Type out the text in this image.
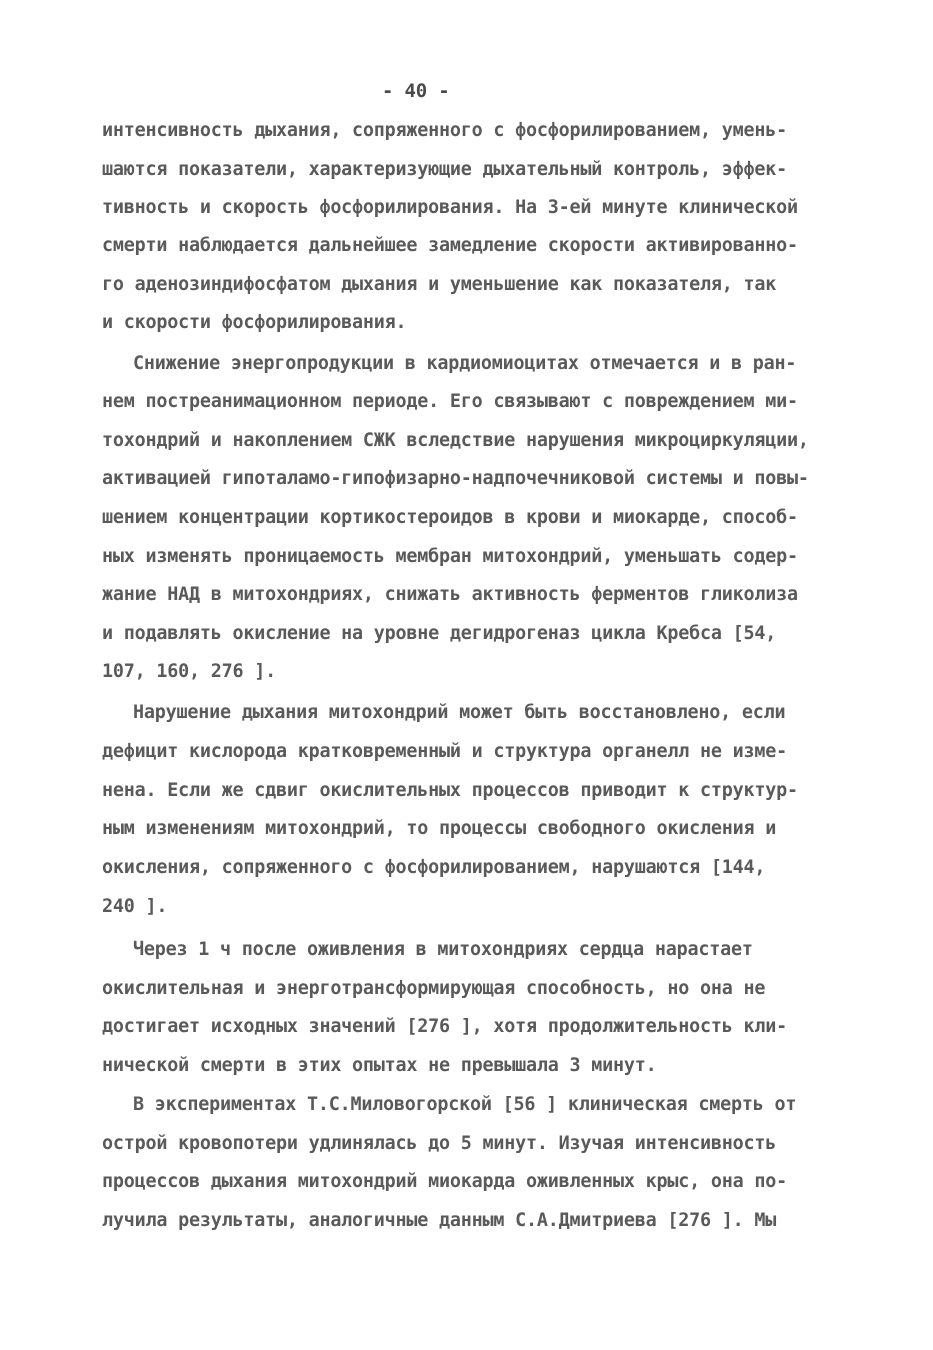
- 40 -
интенсивность дыхания, сопряженного с фосфорилированием, умень-
шаются показатели, характеризующие дыхательный контроль, эффек-
тивность и скорость фосфорилирования. На 3-ей минуте клинической
смерти наблюдается дальнейшее замедление скорости активированно-
го аденозиндифосфатом дыхания и уменьшение как показателя, так
и скорости фосфорилирования.
Снижение энергопродукции в кардиомиоцитах отмечается и в ран-
нем постреанимационном периоде. Его связывают с повреждением ми-
тохондрий и накоплением СЖК вследствие нарушения микроциркуляции,
активацией гипоталамо-гипофизарно-надпочечниковой системы и повы-
шением концентрации кортикостероидов в крови и миокарде, способ-
ных изменять проницаемость мембран митохондрий, уменьшать содер-
жание НАД в митохондриях, снижать активность ферментов гликолиза
и подавлять окисление на уровне дегидрогеназ цикла Кребса [54,
107, 160, 276 ].
Нарушение дыхания митохондрий может быть восстановлено, если
дефицит кислорода кратковременный и структура органелл не изме-
нена. Если же сдвиг окислительных процессов приводит к структур-
ным изменениям митохондрий, то процессы свободного окисления и
окисления, сопряженного с фосфорилированием, нарушаются [144,
240 ].
Через 1 ч после оживления в митохондриях сердца нарастает
окислительная и энерготрансформирующая способность, но она не
достигает исходных значений [276 ], хотя продолжительность кли-
нической смерти в этих опытах не превышала 3 минут.
В экспериментах Т.С.Миловогорской [56 ] клиническая смерть от
острой кровопотери удлинялась до 5 минут. Изучая интенсивность
процессов дыхания митохондрий миокарда оживленных крыс, она по-
лучила результаты, аналогичные данным С.А.Дмитриева [276 ]. Мы
